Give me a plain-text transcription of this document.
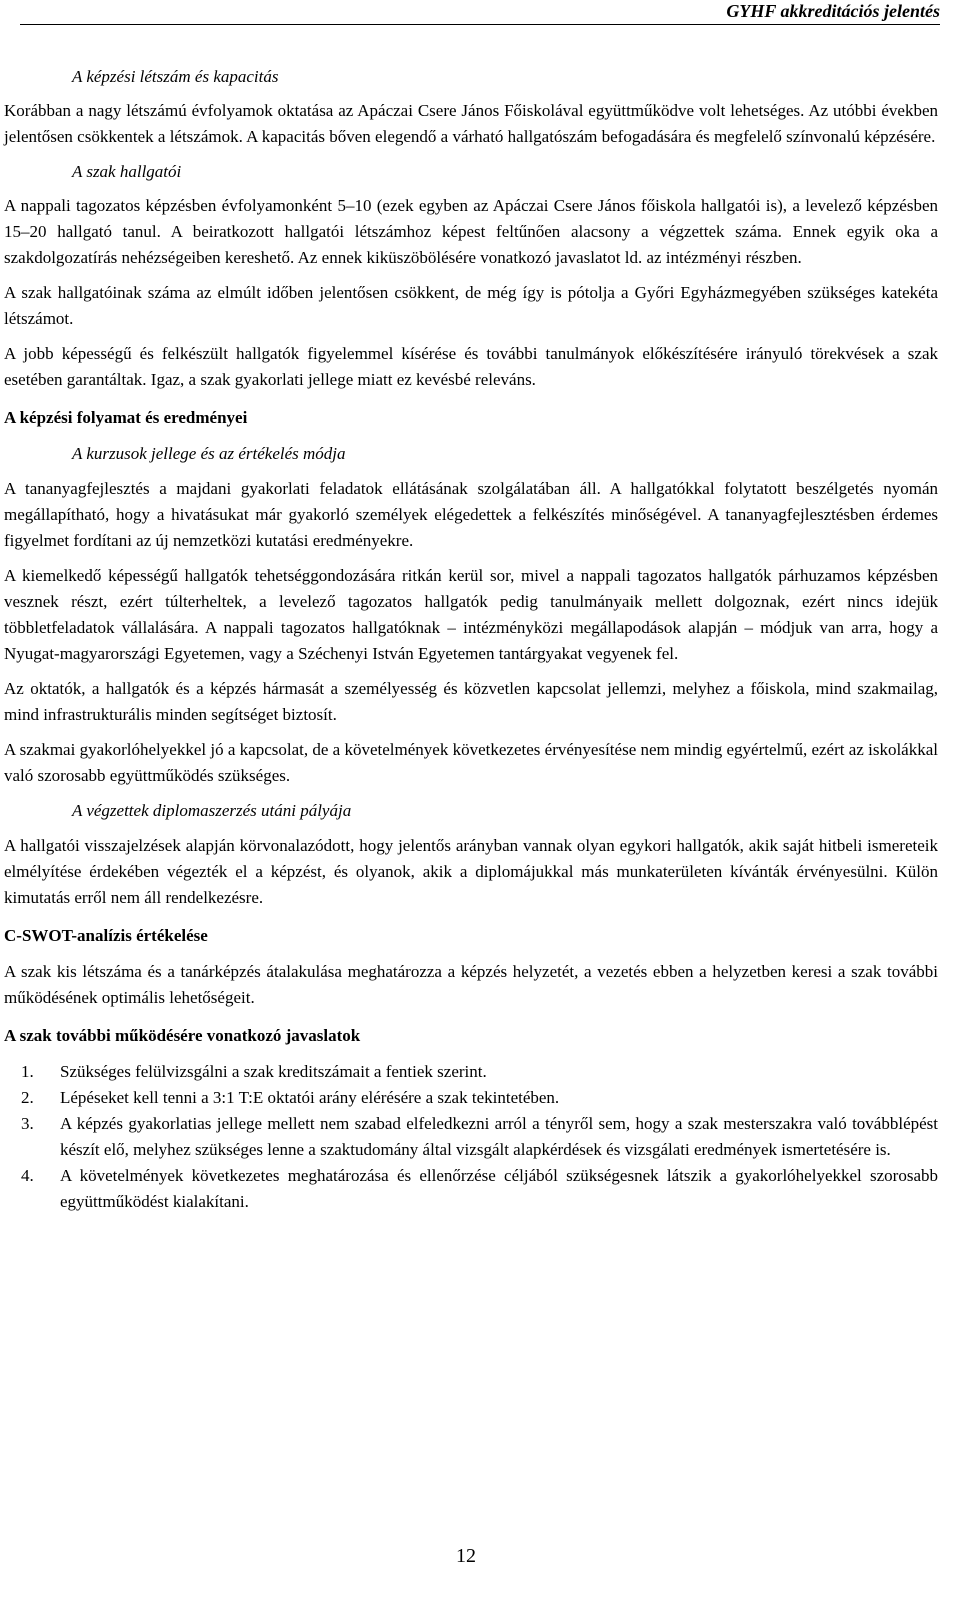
GYHF akkreditációs jelentés
A képzési létszám és kapacitás

Korábban a nagy létszámú évfolyamok oktatása az Apáczai Csere János Főiskolával együttműködve volt lehetséges. Az utóbbi években jelentősen csökkentek a létszámok. A kapacitás bőven elegendő a várható hallgatószám befogadására és megfelelő színvonalú képzésére.

A szak hallgatói

A nappali tagozatos képzésben évfolyamonként 5–10 (ezek egyben az Apáczai Csere János főiskola hallgatói is), a levelező képzésben 15–20 hallgató tanul. A beiratkozott hallgatói létszámhoz képest feltűnően alacsony a végzettek száma. Ennek egyik oka a szakdolgozatírás nehézségeiben kereshető. Az ennek kiküszöbölésére vonatkozó javaslatot ld. az intézményi részben.

A szak hallgatóinak száma az elmúlt időben jelentősen csökkent, de még így is pótolja a Győri Egyházmegyében szükséges katekéta létszámot.

A jobb képességű és felkészült hallgatók figyelemmel kísérése és további tanulmányok előkészítésére irányuló törekvések a szak esetében garantáltak. Igaz, a szak gyakorlati jellege miatt ez kevésbé releváns.

A képzési folyamat és eredményei
A kurzusok jellege és az értékelés módja

A tananyagfejlesztés a majdani gyakorlati feladatok ellátásának szolgálatában áll. A hallgatókkal folytatott beszélgetés nyomán megállapítható, hogy a hivatásukat már gyakorló személyek elégedettek a felkészítés minőségével. A tananyagfejlesztésben érdemes figyelmet fordítani az új nemzetközi kutatási eredményekre.

A kiemelkedő képességű hallgatók tehetséggondozására ritkán kerül sor, mivel a nappali tagozatos hallgatók párhuzamos képzésben vesznek részt, ezért túlterheltek, a levelező tagozatos hallgatók pedig tanulmányaik mellett dolgoznak, ezért nincs idejük többletfeladatok vállalására. A nappali tagozatos hallgatóknak – intézményközi megállapodások alapján – módjuk van arra, hogy a Nyugat-magyarországi Egyetemen, vagy a Széchenyi István Egyetemen tantárgyakat vegyenek fel.

Az oktatók, a hallgatók és a képzés hármasát a személyesség és közvetlen kapcsolat jellemzi, melyhez a főiskola, mind szakmailag, mind infrastrukturális minden segítséget biztosít.

A szakmai gyakorlóhelyekkel jó a kapcsolat, de a követelmények következetes érvényesítése nem mindig egyértelmű, ezért az iskolákkal való szorosabb együttműködés szükséges.

A végzettek diplomaszerzés utáni pályája

A hallgatói visszajelzések alapján körvonalazódott, hogy jelentős arányban vannak olyan egykori hallgatók, akik saját hitbeli ismereteik elmélyítése érdekében végezték el a képzést, és olyanok, akik a diplomájukkal más munkaterületen kívánták érvényesülni. Külön kimutatás erről nem áll rendelkezésre.

C-SWOT-analízis értékelése

A szak kis létszáma és a tanárképzés átalakulása meghatározza a képzés helyzetét, a vezetés ebben a helyzetben keresi a szak további működésének optimális lehetőségeit.

A szak további működésére vonatkozó javaslatok
1. Szükséges felülvizsgálni a szak kreditszámait a fentiek szerint.
2. Lépéseket kell tenni a 3:1 T:E oktatói arány elérésére a szak tekintetében.
3. A képzés gyakorlatias jellege mellett nem szabad elfeledkezni arról a tényről sem, hogy a szak mesterszakra való továbblépést készít elő, melyhez szükséges lenne a szaktudomány által vizsgált alapkérdések és vizsgálati eredmények ismertetésére is.
4. A követelmények következetes meghatározása és ellenőrzése céljából szükségesnek látszik a gyakorlóhelyekkel szorosabb együttműködést kialakítani.
12
